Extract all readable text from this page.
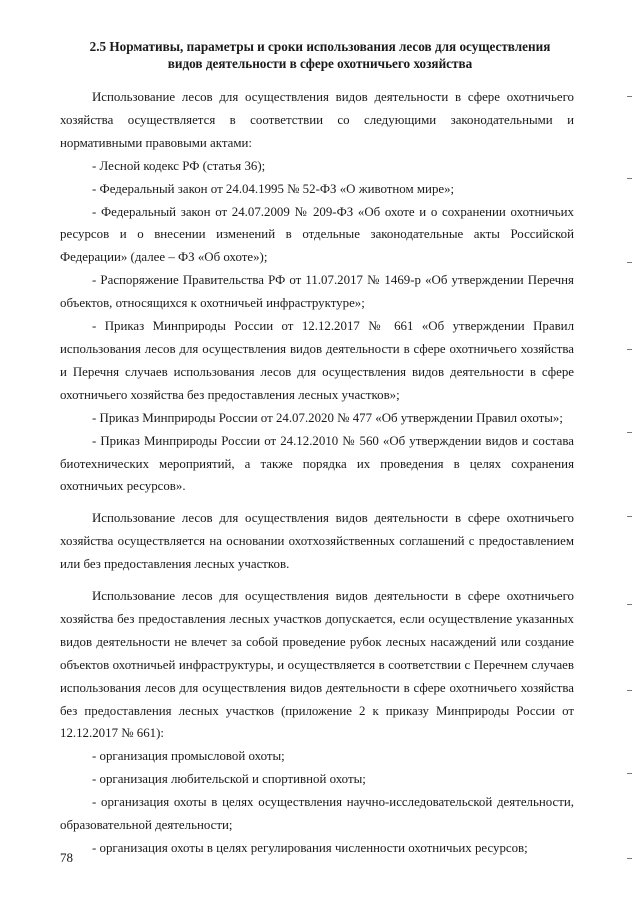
2.5 Нормативы, параметры и сроки использования лесов для осуществления
видов деятельности в сфере охотничьего хозяйства

Использование лесов для осуществления видов деятельности в сфере охотничьего хозяйства осуществляется в соответствии со следующими законодательными и нормативными правовыми актами:

- Лесной кодекс РФ (статья 36);

- Федеральный закон от 24.04.1995 № 52-ФЗ «О животном мире»;

- Федеральный закон от 24.07.2009 № 209-ФЗ «Об охоте и о сохранении охотничьих ресурсов и о внесении изменений в отдельные законодательные акты Российской Федерации» (далее – ФЗ «Об охоте»);

- Распоряжение Правительства РФ от 11.07.2017 № 1469-р «Об утверждении Перечня объектов, относящихся к охотничьей инфраструктуре»;

- Приказ Минприроды России от 12.12.2017 № 661 «Об утверждении Правил использования лесов для осуществления видов деятельности в сфере охотничьего хозяйства и Перечня случаев использования лесов для осуществления видов деятельности в сфере охотничьего хозяйства без предоставления лесных участков»;

- Приказ Минприроды России от 24.07.2020 № 477 «Об утверждении Правил охоты»;

- Приказ Минприроды России от 24.12.2010 № 560 «Об утверждении видов и состава биотехнических мероприятий, а также порядка их проведения в целях сохранения охотничьих ресурсов».

Использование лесов для осуществления видов деятельности в сфере охотничьего хозяйства осуществляется на основании охотхозяйственных соглашений с предоставлением или без предоставления лесных участков.

Использование лесов для осуществления видов деятельности в сфере охотничьего хозяйства без предоставления лесных участков допускается, если осуществление указанных видов деятельности не влечет за собой проведение рубок лесных насаждений или создание объектов охотничьей инфраструктуры, и осуществляется в соответствии с Перечнем случаев использования лесов для осуществления видов деятельности в сфере охотничьего хозяйства без предоставления лесных участков (приложение 2 к приказу Минприроды России от 12.12.2017 № 661):

- организация промысловой охоты;

- организация любительской и спортивной охоты;

- организация охоты в целях осуществления научно-исследовательской деятельности, образовательной деятельности;

- организация охоты в целях регулирования численности охотничьих ресурсов;

78
